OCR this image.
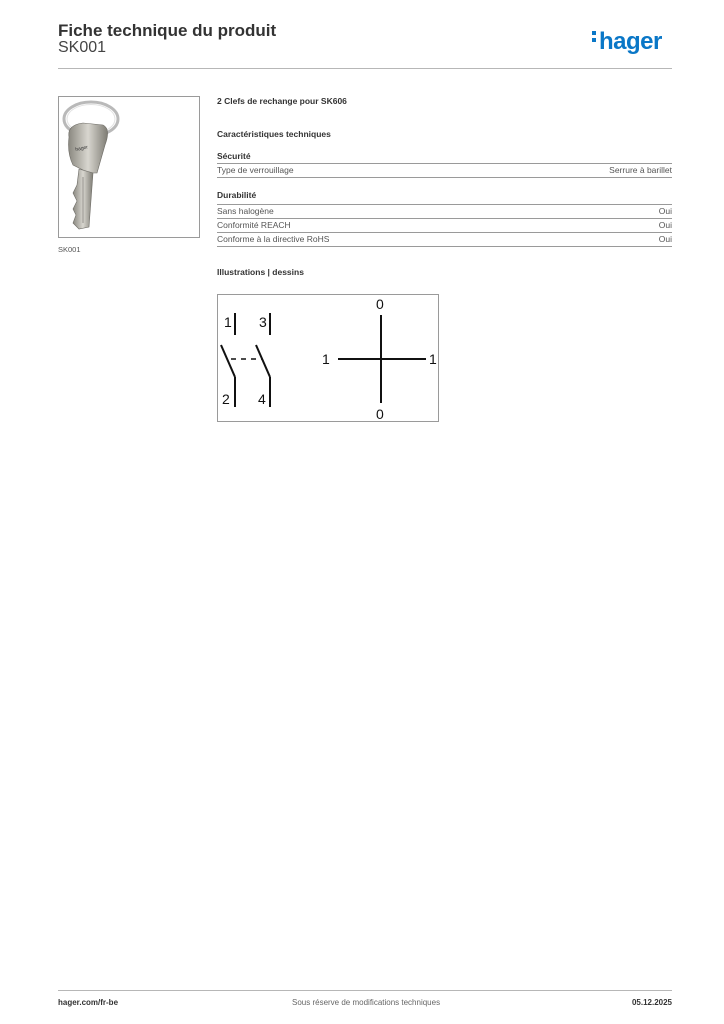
Fiche technique du produit
SK001	hager
hager
SK001
2 Clefs de rechange pour SK606
Caractéristiques techniques
Sécurité
Type de verrouillage	Serrure à barillet
Durabilité
Sans halogène	Oui
Conformité REACH	Oui
Conforme à la directive RoHS	Oui
Illustrations | dessins
1 3
2 4
0
0
1	1
hager.com/fr-be	Sous réserve de modifications techniques	05.12.2025
